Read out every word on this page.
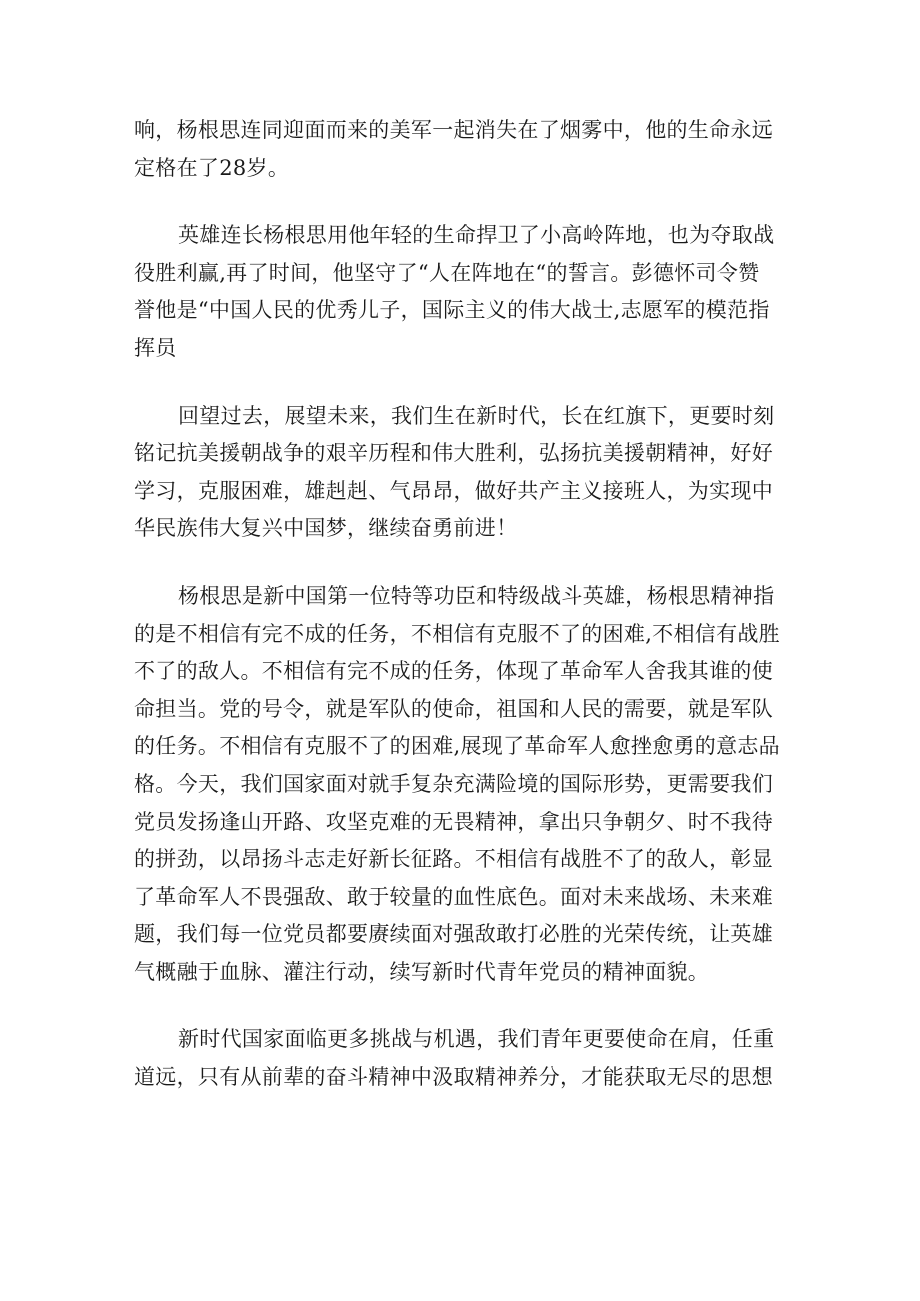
响，杨根思连同迎面而来的美军一起消失在了烟雾中，他的生命永远
定格在了28岁。
英雄连长杨根思用他年轻的生命捍卫了小高岭阵地，也为夺取战
役胜利赢,再了时间，他坚守了“人在阵地在“的誓言。彭德怀司令赞
誉他是“中国人民的优秀儿子，国际主义的伟大战士,志愿军的模范指
挥员
回望过去，展望未来，我们生在新时代，长在红旗下，更要时刻
铭记抗美援朝战争的艰辛历程和伟大胜利，弘扬抗美援朝精神，好好
学习，克服困难，雄赳赳、气昂昂，做好共产主义接班人，为实现中
华民族伟大复兴中国梦，继续奋勇前进！
杨根思是新中国第一位特等功臣和特级战斗英雄，杨根思精神指
的是不相信有完不成的任务，不相信有克服不了的困难,不相信有战胜
不了的敌人。不相信有完不成的任务，体现了革命军人舍我其谁的使
命担当。党的号令，就是军队的使命，祖国和人民的需要，就是军队
的任务。不相信有克服不了的困难,展现了革命军人愈挫愈勇的意志品
格。今天，我们国家面对就手复杂充满险境的国际形势，更需要我们
党员发扬逢山开路、攻坚克难的无畏精神，拿出只争朝夕、时不我待
的拼劲，以昂扬斗志走好新长征路。不相信有战胜不了的敌人，彰显
了革命军人不畏强敌、敢于较量的血性底色。面对未来战场、未来难
题，我们每一位党员都要赓续面对强敌敢打必胜的光荣传统，让英雄
气概融于血脉、灌注行动，续写新时代青年党员的精神面貌。
新时代国家面临更多挑战与机遇，我们青年更要使命在肩，任重
道远，只有从前辈的奋斗精神中汲取精神养分，才能获取无尽的思想
